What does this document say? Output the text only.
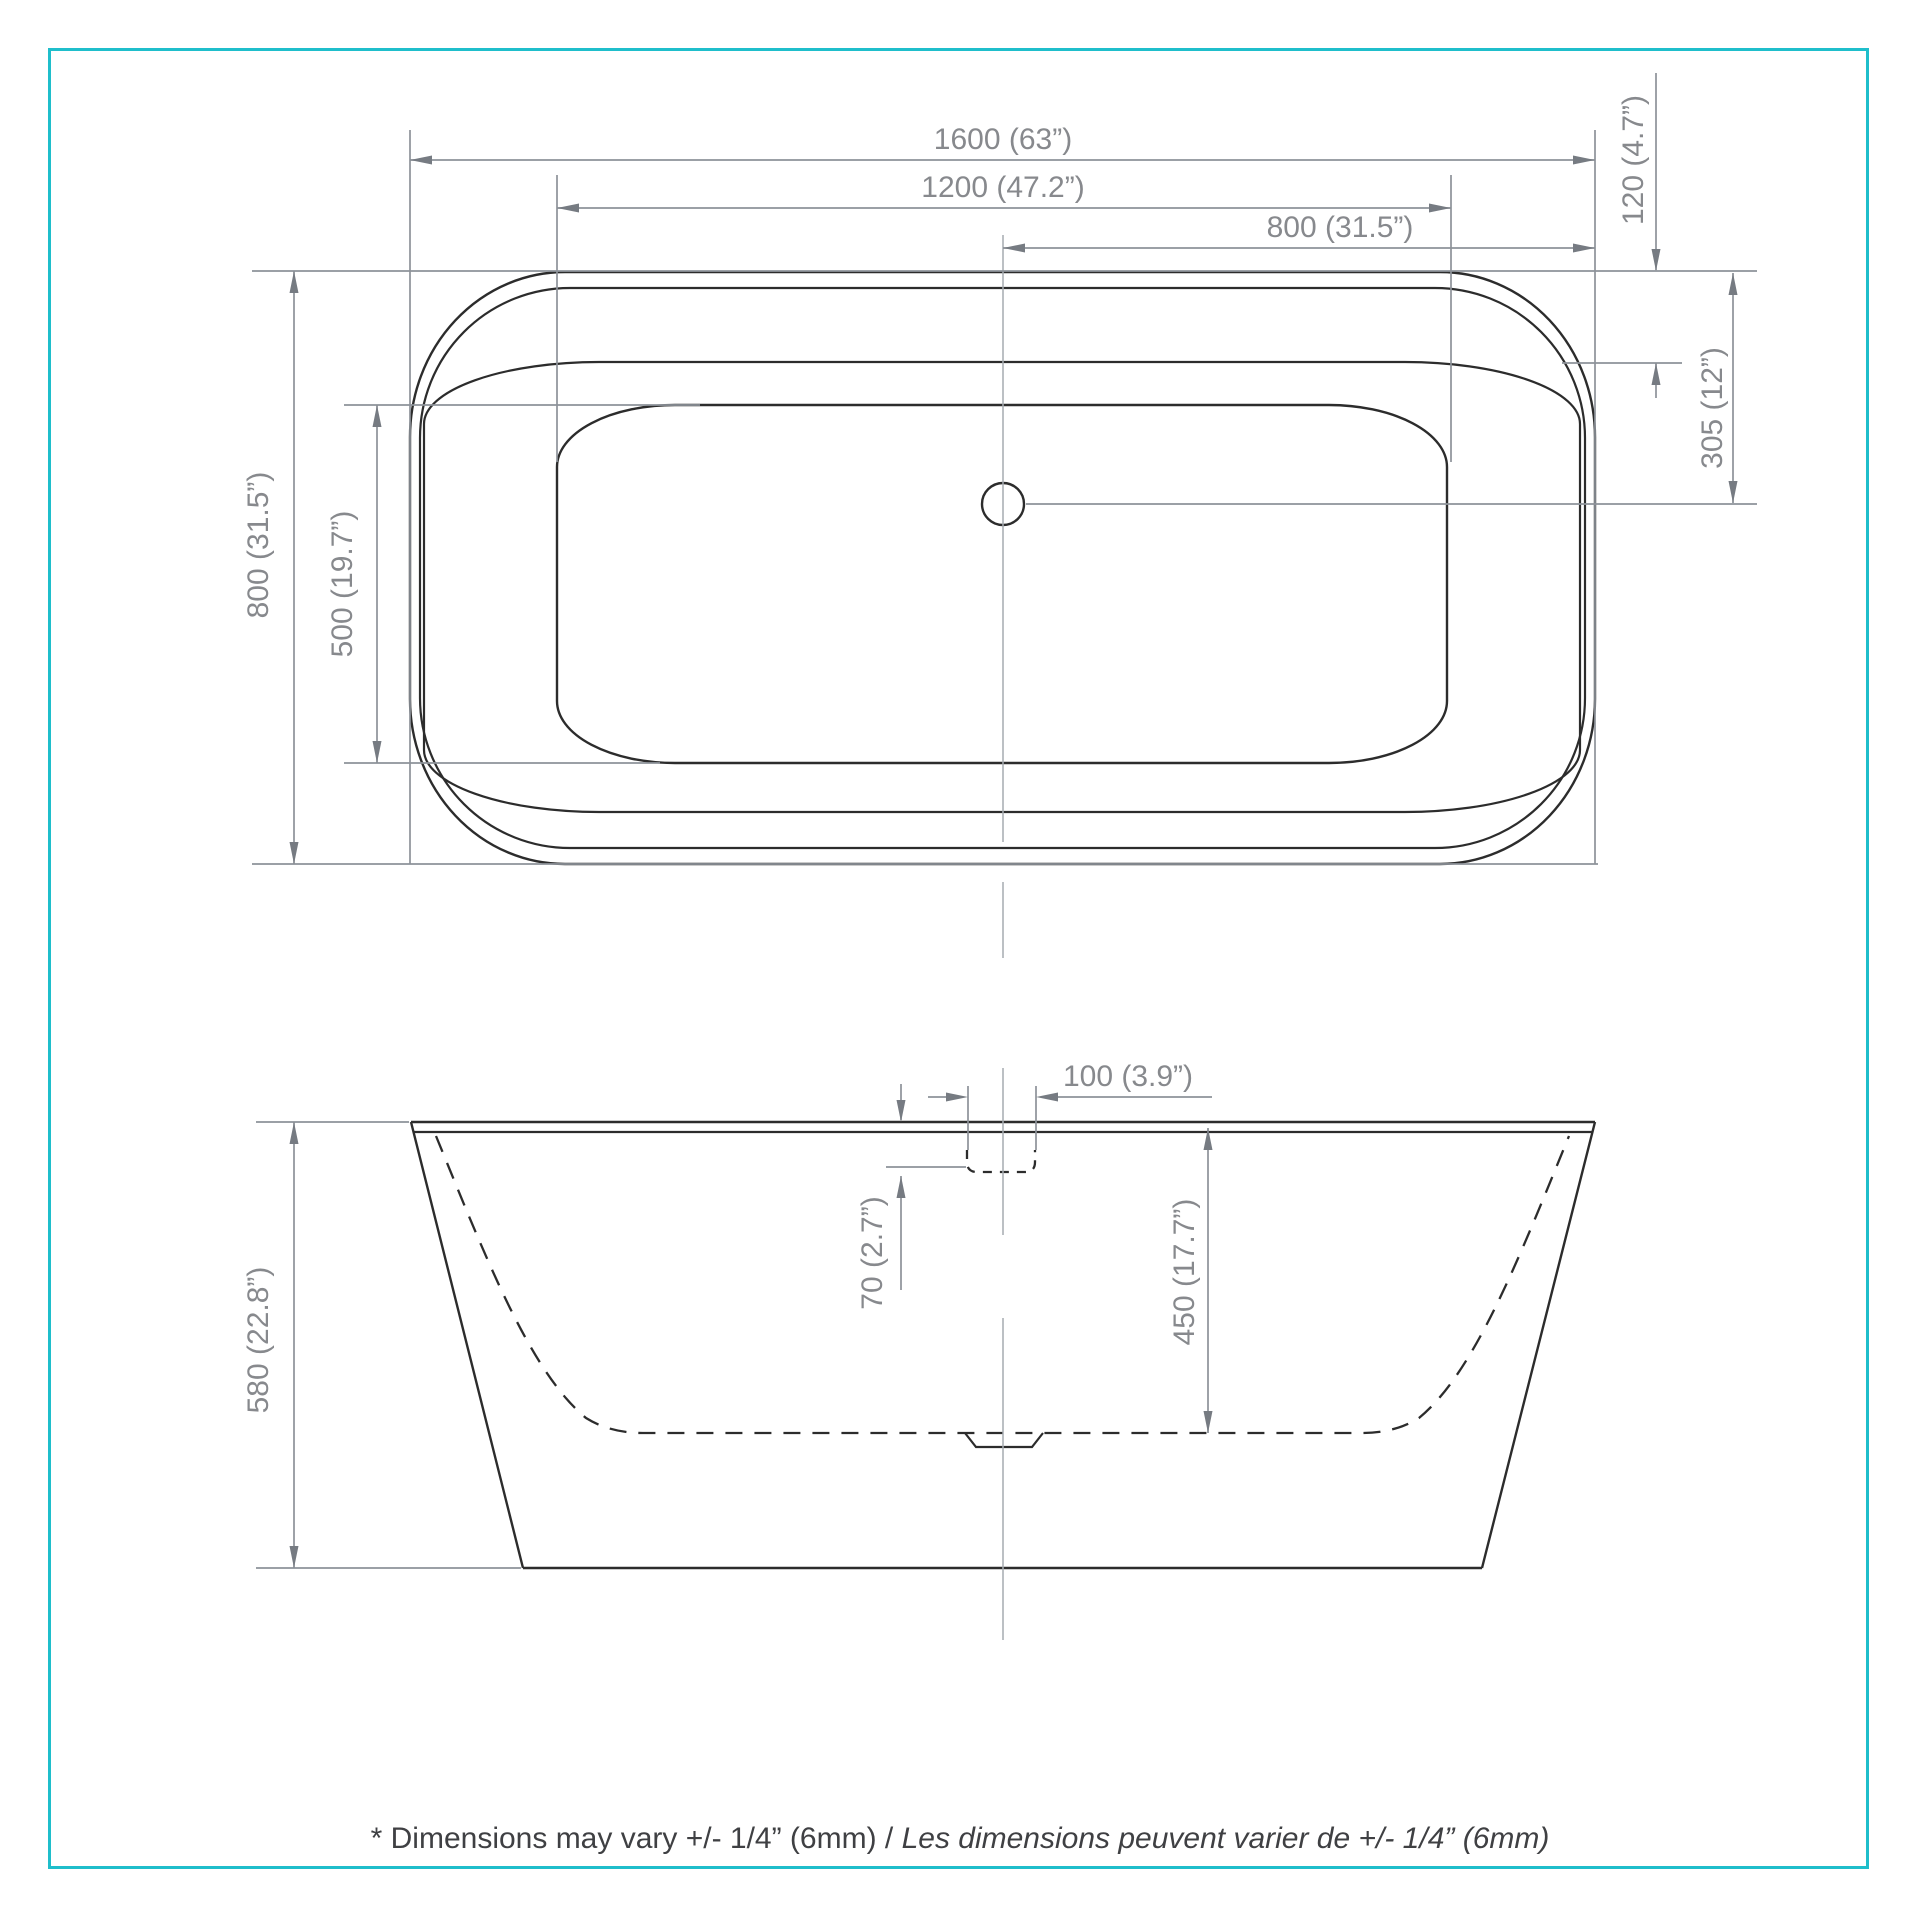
1600 (63”)
1200 (47.2”)
800 (31.5”)
800 (31.5”) 500 (19.7”)
120 (4.7”)
305 (12”)
580 (22.8”)
100 (3.9”)
70 (2.7”)	450 (17.7”)
* Dimensions may vary +/- 1/4” (6mm) / Les dimensions peuvent varier de +/- 1/4” (6mm)
